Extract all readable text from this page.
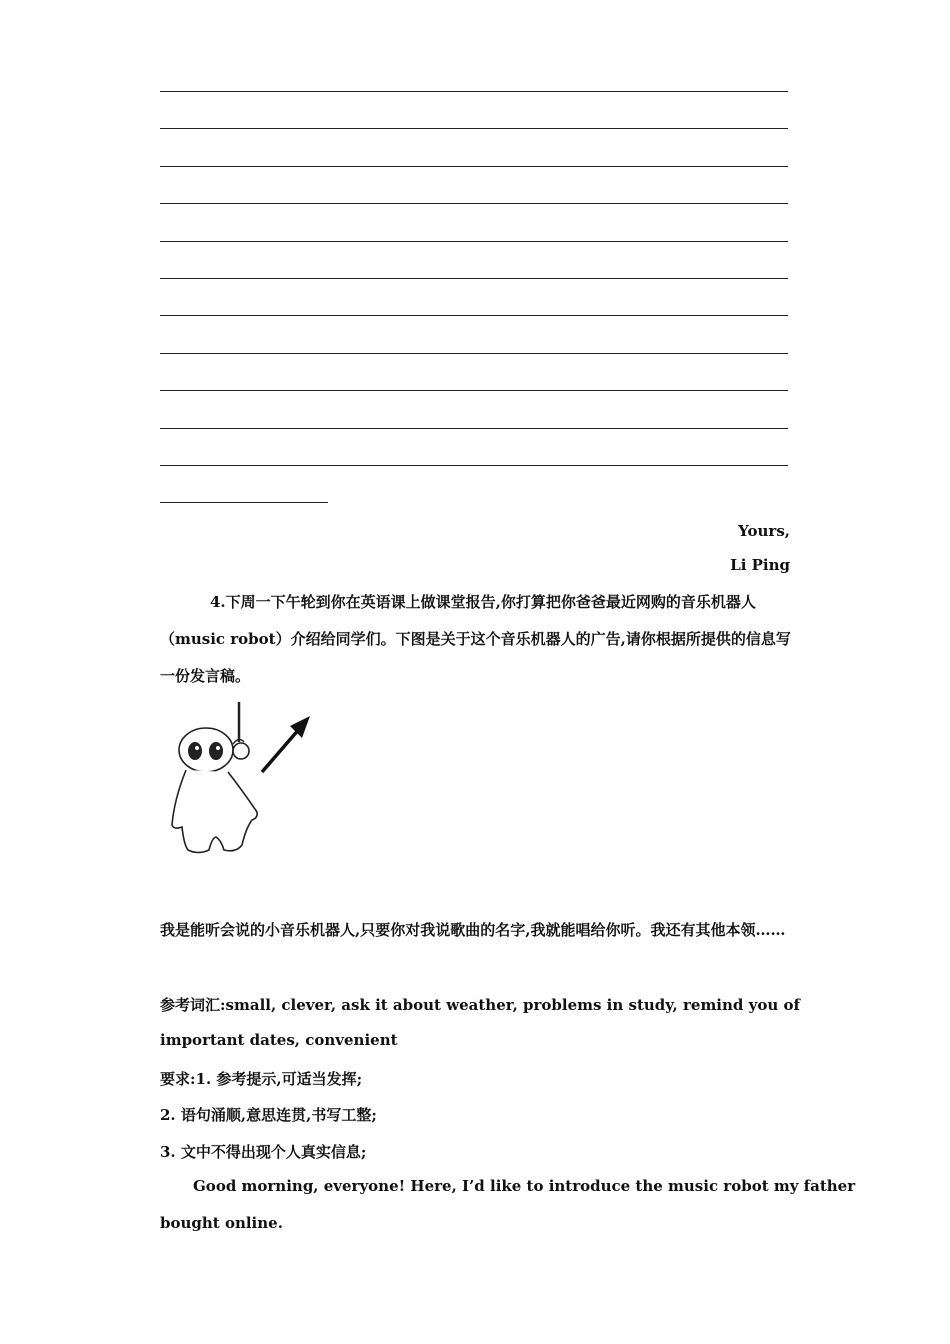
Yours,
Li Ping
4.下周一下午轮到你在英语课上做课堂报告,你打算把你爸爸最近网购的音乐机器人（music robot）介绍给同学们。下图是关于这个音乐机器人的广告,请你根据所提供的信息写一份发言稿。
我是能听会说的小音乐机器人,只要你对我说歌曲的名字,我就能唱给你听。我还有其他本领……
参考词汇:small, clever, ask it about weather, problems in study, remind you of
important dates, convenient
要求:1. 参考提示,可适当发挥;
2. 语句涌顺,意思连贯,书写工整;
3. 文中不得出现个人真实信息;
Good morning, everyone! Here, I’d like to introduce the music robot my father
bought online.
